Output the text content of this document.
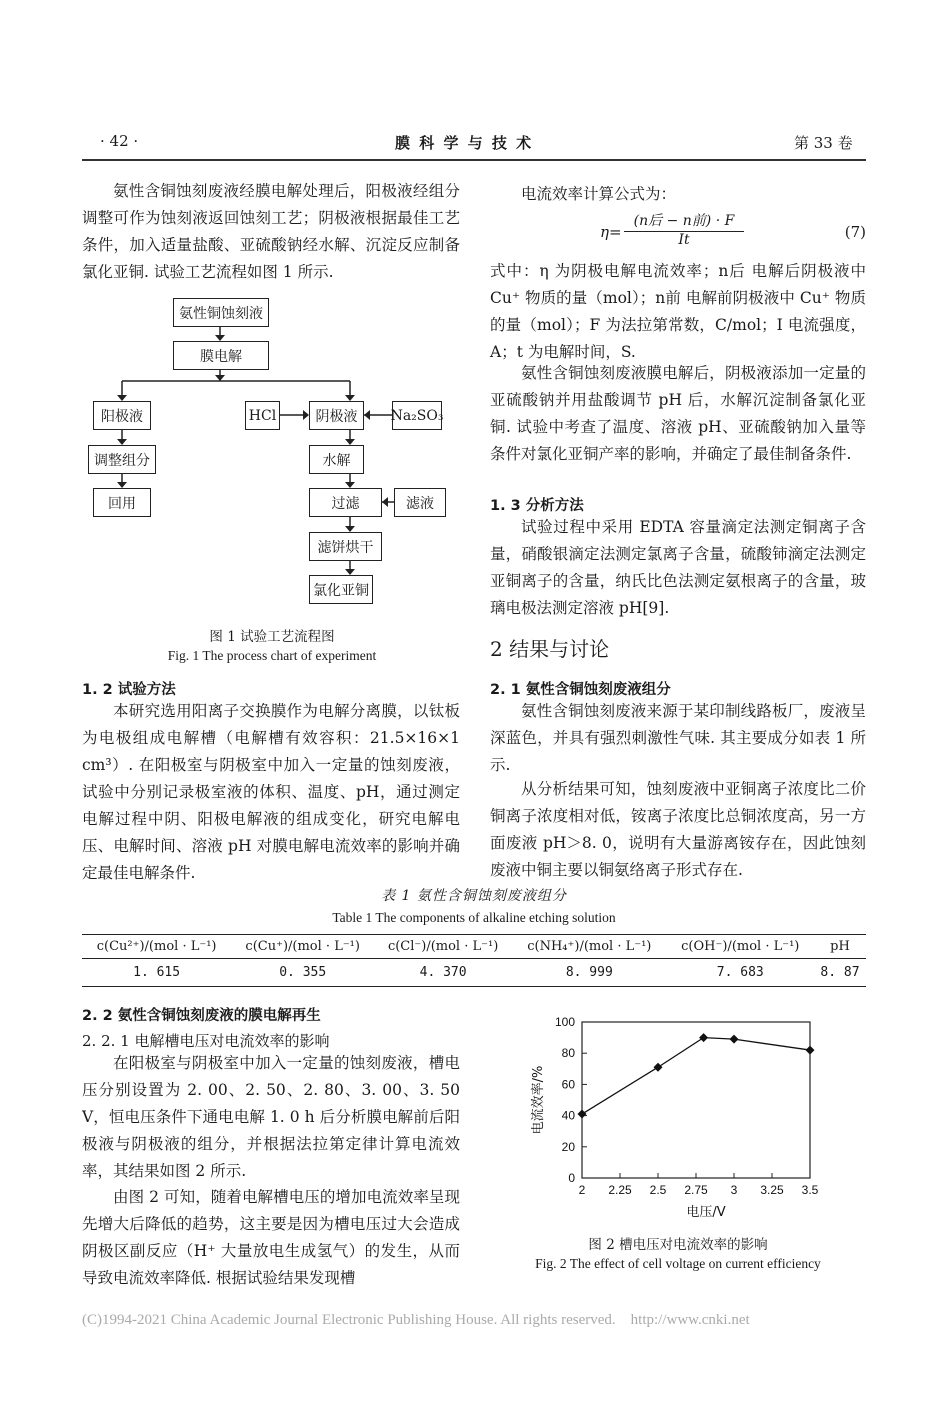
· 42 ·	膜 科 学 与 技 术	第 33 卷
氨性含铜蚀刻废液经膜电解处理后，阳极液经组分调整可作为蚀刻液返回蚀刻工艺；阴极液根据最佳工艺条件，加入适量盐酸、亚硫酸钠经水解、沉淀反应制备氯化亚铜. 试验工艺流程如图 1 所示.
氨性铜蚀刻液
膜电解
阳极液	HCl	阴极液	Na₂SO₃
调整组分	水解
回用	过滤	滤液
滤饼烘干
氯化亚铜
图 1 试验工艺流程图
Fig. 1 The process chart of experiment
1. 2 试验方法
本研究选用阳离子交换膜作为电解分离膜，以钛板为电极组成电解槽（电解槽有效容积：21.5×16×1 cm³）. 在阳极室与阴极室中加入一定量的蚀刻废液，试验中分别记录极室液的体积、温度、pH，通过测定电解过程中阴、阳极电解液的组成变化，研究电解电压、电解时间、溶液 pH 对膜电解电流效率的影响并确定最佳电解条件.
电流效率计算公式为：
η=
(n后 − n前) · F
It	(7)
式中：η 为阴极电解电流效率；n后 电解后阴极液中 Cu⁺ 物质的量（mol）；n前 电解前阴极液中 Cu⁺ 物质的量（mol）；F 为法拉第常数，C/mol；I 电流强度，A；t 为电解时间，S.
氨性含铜蚀刻废液膜电解后，阴极液添加一定量的亚硫酸钠并用盐酸调节 pH 后，水解沉淀制备氯化亚铜. 试验中考查了温度、溶液 pH、亚硫酸钠加入量等条件对氯化亚铜产率的影响，并确定了最佳制备条件.
1. 3 分析方法
试验过程中采用 EDTA 容量滴定法测定铜离子含量，硝酸银滴定法测定氯离子含量，硫酸铈滴定法测定亚铜离子的含量，纳氏比色法测定氨根离子的含量，玻璃电极法测定溶液 pH[9].
2 结果与讨论
2. 1 氨性含铜蚀刻废液组分
氨性含铜蚀刻废液来源于某印制线路板厂，废液呈深蓝色，并具有强烈刺激性气味. 其主要成分如表 1 所示.
从分析结果可知，蚀刻废液中亚铜离子浓度比二价铜离子浓度相对低，铵离子浓度比总铜浓度高，另一方面废液 pH＞8. 0，说明有大量游离铵存在，因此蚀刻废液中铜主要以铜氨络离子形式存在.
表 1 氨性含铜蚀刻废液组分
Table 1 The components of alkaline etching solution
c(Cu²⁺)/(mol · L⁻¹)	c(Cu⁺)/(mol · L⁻¹)	c(Cl⁻)/(mol · L⁻¹)	c(NH₄⁺)/(mol · L⁻¹)	c(OH⁻)/(mol · L⁻¹)	pH
1. 615	0. 355	4. 370	8. 999	7. 683	8. 87
2. 2 氨性含铜蚀刻废液的膜电解再生
2. 2. 1 电解槽电压对电流效率的影响
在阳极室与阴极室中加入一定量的蚀刻废液，槽电压分别设置为 2. 00、2. 50、2. 80、3. 00、3. 50 V，恒电压条件下通电电解 1. 0 h 后分析膜电解前后阳极液与阴极液的组分，并根据法拉第定律计算电流效率，其结果如图 2 所示.
由图 2 可知，随着电解槽电压的增加电流效率呈现先增大后降低的趋势，这主要是因为槽电压过大会造成阴极区副反应（H⁺ 大量放电生成氢气）的发生，从而导致电流效率降低. 根据试验结果发现槽
0
20
40
60
80
100
2 2.25 2.5 2.75 3 3.25 3.5
电压/V
电流效率/%
图 2 槽电压对电流效率的影响
Fig. 2 The effect of cell voltage on current efficiency
(C)1994-2021 China Academic Journal Electronic Publishing House. All rights reserved.    http://www.cnki.net
